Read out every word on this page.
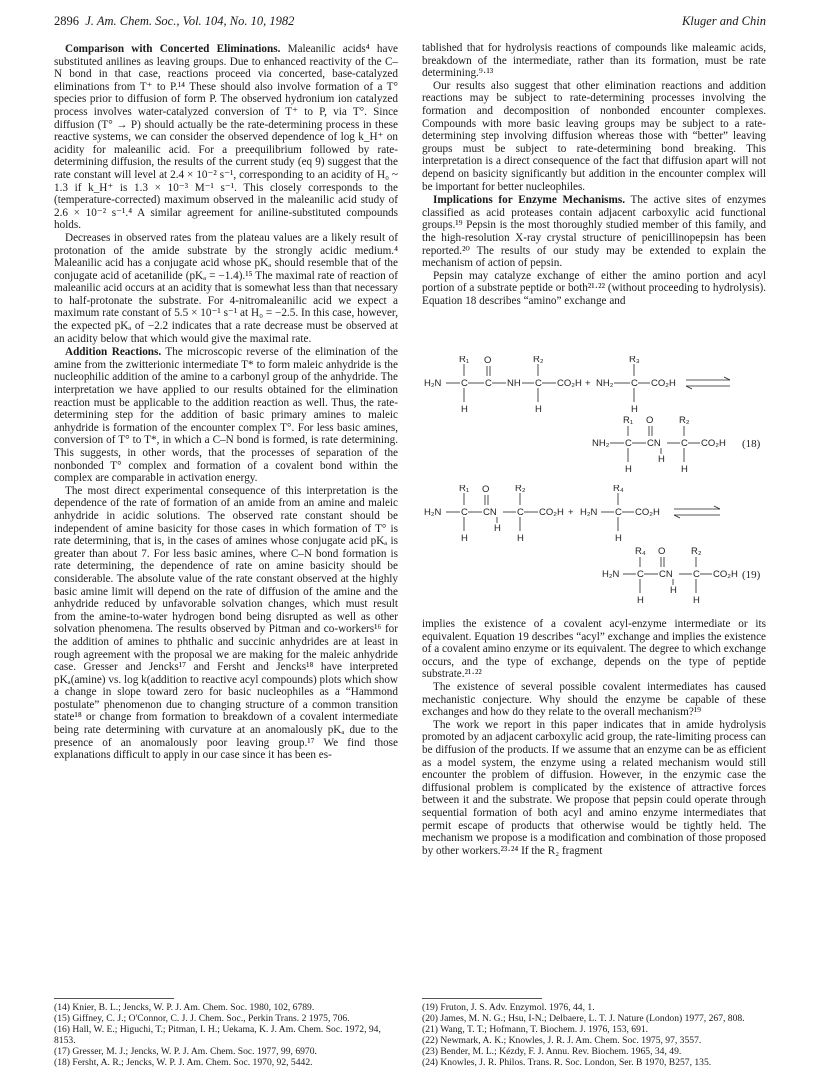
2896 J. Am. Chem. Soc., Vol. 104, No. 10, 1982	Kluger and Chin

Comparison with Concerted Eliminations. Maleanilic acids⁴ have substituted anilines as leaving groups. Due to enhanced reactivity of the C–N bond in that case, reactions proceed via concerted, base-catalyzed eliminations from T⁺ to P.¹⁴ These should also involve formation of a T° species prior to diffusion of form P. The observed hydronium ion catalyzed process involves water-catalyzed conversion of T⁺ to P, via T°. Since diffusion (T° → P) should actually be the rate-determining process in these reactive systems, we can consider the observed dependence of log k_H⁺ on acidity for maleanilic acid. For a preequilibrium followed by rate-determining diffusion, the results of the current study (eq 9) suggest that the rate constant will level at 2.4 × 10⁻² s⁻¹, corresponding to an acidity of H₀ ~ 1.3 if k_H⁺ is 1.3 × 10⁻³ M⁻¹ s⁻¹. This closely corresponds to the (temperature-corrected) maximum observed in the maleanilic acid study of 2.6 × 10⁻² s⁻¹.⁴ A similar agreement for aniline-substituted compounds holds.

Decreases in observed rates from the plateau values are a likely result of protonation of the amide substrate by the strongly acidic medium.⁴ Maleanilic acid has a conjugate acid whose pKₐ should resemble that of the conjugate acid of acetanilide (pKₐ = −1.4).¹⁵ The maximal rate of reaction of maleanilic acid occurs at an acidity that is somewhat less than that necessary to half-protonate the substrate. For 4-nitromaleanilic acid we expect a maximum rate constant of 5.5 × 10⁻¹ s⁻¹ at H₀ = −2.5. In this case, however, the expected pKₐ of −2.2 indicates that a rate decrease must be observed at an acidity below that which would give the maximal rate.

Addition Reactions. The microscopic reverse of the elimination of the amine from the zwitterionic intermediate T* to form maleic anhydride is the nucleophilic addition of the amine to a carbonyl group of the anhydride. The interpretation we have applied to our results obtained for the elimination reaction must be applicable to the addition reaction as well. Thus, the rate-determining step for the addition of basic primary amines to maleic anhydride is formation of the encounter complex T°. For less basic amines, conversion of T° to T*, in which a C–N bond is formed, is rate determining. This suggests, in other words, that the processes of separation of the nonbonded T° complex and formation of a covalent bond within the complex are comparable in activation energy.

The most direct experimental consequence of this interpretation is the dependence of the rate of formation of an amide from an amine and maleic anhydride in acidic solutions. The observed rate constant should be independent of amine basicity for those cases in which formation of T° is rate determining, that is, in the cases of amines whose conjugate acid pKₐ is greater than about 7. For less basic amines, where C–N bond formation is rate determining, the dependence of rate on amine basicity should be considerable. The absolute value of the rate constant observed at the highly basic amine limit will depend on the rate of diffusion of the amine and the anhydride reduced by unfavorable solvation changes, which must result from the amine-to-water hydrogen bond being disrupted as well as other solvation phenomena. The results observed by Pitman and co-workers¹⁶ for the addition of amines to phthalic and succinic anhydrides are at least in rough agreement with the proposal we are making for the maleic anhydride case. Gresser and Jencks¹⁷ and Fersht and Jencks¹⁸ have interpreted pKₐ(amine) vs. log k(addition to reactive acyl compounds) plots which show a change in slope toward zero for basic nucleophiles as a “Hammond postulate” phenomenon due to changing structure of a common transition state¹⁸ or change from formation to breakdown of a covalent intermediate being rate determining with curvature at an anomalously pKₐ due to the presence of an anomalously poor leaving group.¹⁷ We find those explanations difficult to apply in our case since it has been es-

tablished that for hydrolysis reactions of compounds like maleamic acids, breakdown of the intermediate, rather than its formation, must be rate determining.⁹·¹³

Our results also suggest that other elimination reactions and addition reactions may be subject to rate-determining processes involving the formation and decomposition of nonbonded encounter complexes. Compounds with more basic leaving groups may be subject to a rate-determining step involving diffusion whereas those with “better” leaving groups must be subject to rate-determining bond breaking. This interpretation is a direct consequence of the fact that diffusion apart will not depend on basicity significantly but addition in the encounter complex will be important for better nucleophiles.

Implications for Enzyme Mechanisms. The active sites of enzymes classified as acid proteases contain adjacent carboxylic acid functional groups.¹⁹ Pepsin is the most thoroughly studied member of this family, and the high-resolution X-ray crystal structure of penicillinopepsin has been reported.²⁰ The results of our study may be extended to explain the mechanism of action of pepsin.

Pepsin may catalyze exchange of either the amino portion and acyl portion of a substrate peptide or both²¹·²² (without proceeding to hydrolysis). Equation 18 describes “amino” exchange and

H₂N C
R₁
H
C
O
NH C
R₂
H
CO₂H + NH₂ C
R₃
H
CO₂H
NH₂ C
R₁
H
CN
O
H
C
R₂
H
CO₂H (18)
H₂N C
R₁
H
CN
O
H
C
R₂
H
CO₂H + H₂N C
R₄
H
CO₂H
H₂N C
R₄
H
CN
O
H
C
R₂
H
CO₂H (19)

implies the existence of a covalent acyl-enzyme intermediate or its equivalent. Equation 19 describes “acyl” exchange and implies the existence of a covalent amino enzyme or its equivalent. The degree to which exchange occurs, and the type of exchange, depends on the type of peptide substrate.²¹·²²

The existence of several possible covalent intermediates has caused mechanistic conjecture. Why should the enzyme be capable of these exchanges and how do they relate to the overall mechanism?¹⁹

The work we report in this paper indicates that in amide hydrolysis promoted by an adjacent carboxylic acid group, the rate-limiting process can be diffusion of the products. If we assume that an enzyme can be as efficient as a model system, the enzyme using a related mechanism would still encounter the problem of diffusion. However, in the enzymic case the diffusional problem is complicated by the existence of attractive forces between it and the substrate. We propose that pepsin could operate through sequential formation of both acyl and amino enzyme intermediates that permit escape of products that otherwise would be tightly held. The mechanism we propose is a modification and combination of those proposed by other workers.²³·²⁴ If the R₂ fragment

(14) Knier, B. L.; Jencks, W. P. J. Am. Chem. Soc. 1980, 102, 6789.
(15) Giffney, C. J.; O'Connor, C. J. J. Chem. Soc., Perkin Trans. 2 1975, 706.
(16) Hall, W. E.; Higuchi, T.; Pitman, I. H.; Uekama, K. J. Am. Chem. Soc. 1972, 94, 8153.
(17) Gresser, M. J.; Jencks, W. P. J. Am. Chem. Soc. 1977, 99, 6970.
(18) Fersht, A. R.; Jencks, W. P. J. Am. Chem. Soc. 1970, 92, 5442.
(19) Fruton, J. S. Adv. Enzymol. 1976, 44, 1.
(20) James, M. N. G.; Hsu, I-N.; Delbaere, L. T. J. Nature (London) 1977, 267, 808.
(21) Wang, T. T.; Hofmann, T. Biochem. J. 1976, 153, 691.
(22) Newmark, A. K.; Knowles, J. R. J. Am. Chem. Soc. 1975, 97, 3557.
(23) Bender, M. L.; Kézdy, F. J. Annu. Rev. Biochem. 1965, 34, 49.
(24) Knowles, J. R. Philos. Trans. R. Soc. London, Ser. B 1970, B257, 135.
